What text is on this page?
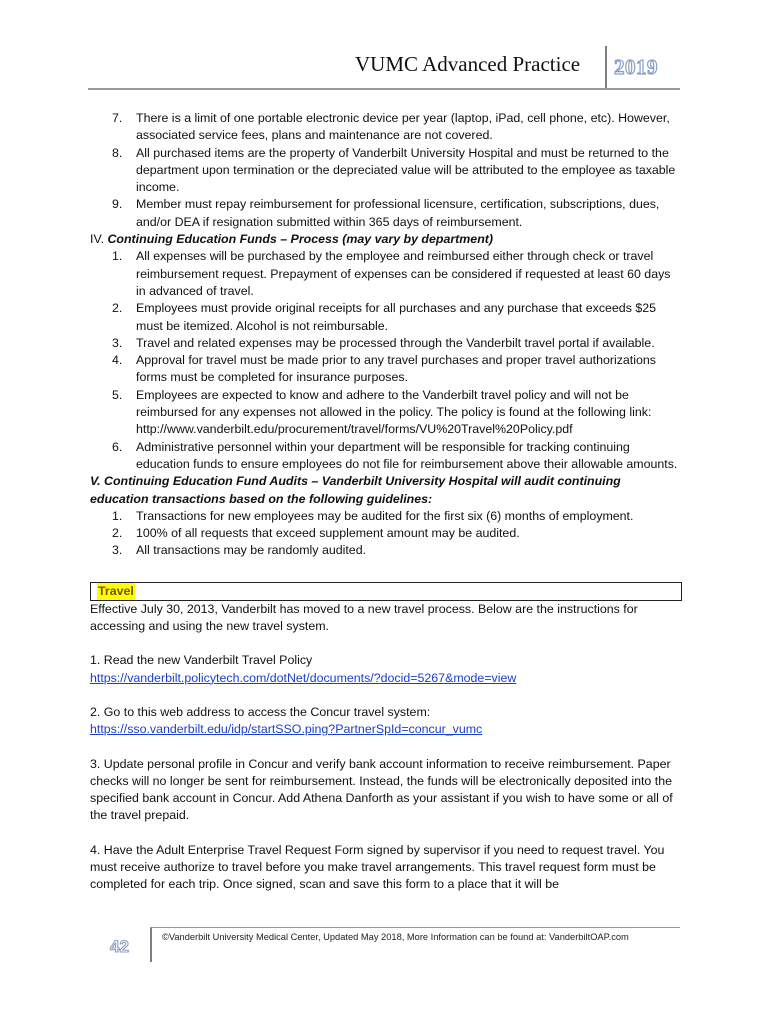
VUMC Advanced Practice 2019
7. There is a limit of one portable electronic device per year (laptop, iPad, cell phone, etc). However, associated service fees, plans and maintenance are not covered.
8. All purchased items are the property of Vanderbilt University Hospital and must be returned to the department upon termination or the depreciated value will be attributed to the employee as taxable income.
9. Member must repay reimbursement for professional licensure, certification, subscriptions, dues, and/or DEA if resignation submitted within 365 days of reimbursement.

IV. Continuing Education Funds – Process (may vary by department)

1. All expenses will be purchased by the employee and reimbursed either through check or travel reimbursement request. Prepayment of expenses can be considered if requested at least 60 days in advanced of travel.
2. Employees must provide original receipts for all purchases and any purchase that exceeds $25 must be itemized. Alcohol is not reimbursable.
3. Travel and related expenses may be processed through the Vanderbilt travel portal if available.
4. Approval for travel must be made prior to any travel purchases and proper travel authorizations forms must be completed for insurance purposes.
5. Employees are expected to know and adhere to the Vanderbilt travel policy and will not be reimbursed for any expenses not allowed in the policy. The policy is found at the following link: http://www.vanderbilt.edu/procurement/travel/forms/VU%20Travel%20Policy.pdf
6. Administrative personnel within your department will be responsible for tracking continuing education funds to ensure employees do not file for reimbursement above their allowable amounts.

V. Continuing Education Fund Audits – Vanderbilt University Hospital will audit continuing education transactions based on the following guidelines:

1. Transactions for new employees may be audited for the first six (6) months of employment.
2. 100% of all requests that exceed supplement amount may be audited.
3. All transactions may be randomly audited.
Travel

Effective July 30, 2013, Vanderbilt has moved to a new travel process. Below are the instructions for accessing and using the new travel system.

1. Read the new Vanderbilt Travel Policy

https://vanderbilt.policytech.com/dotNet/documents/?docid=5267&mode=view

2. Go to this web address to access the Concur travel system:

https://sso.vanderbilt.edu/idp/startSSO.ping?PartnerSpId=concur_vumc

3. Update personal profile in Concur and verify bank account information to receive reimbursement. Paper checks will no longer be sent for reimbursement. Instead, the funds will be electronically deposited into the specified bank account in Concur. Add Athena Danforth as your assistant if you wish to have some or all of the travel prepaid.

4. Have the Adult Enterprise Travel Request Form signed by supervisor if you need to request travel. You must receive authorize to travel before you make travel arrangements. This travel request form must be completed for each trip. Once signed, scan and save this form to a place that it will be

42	©Vanderbilt University Medical Center, Updated May 2018, More Information can be found at: VanderbiltOAP.com
